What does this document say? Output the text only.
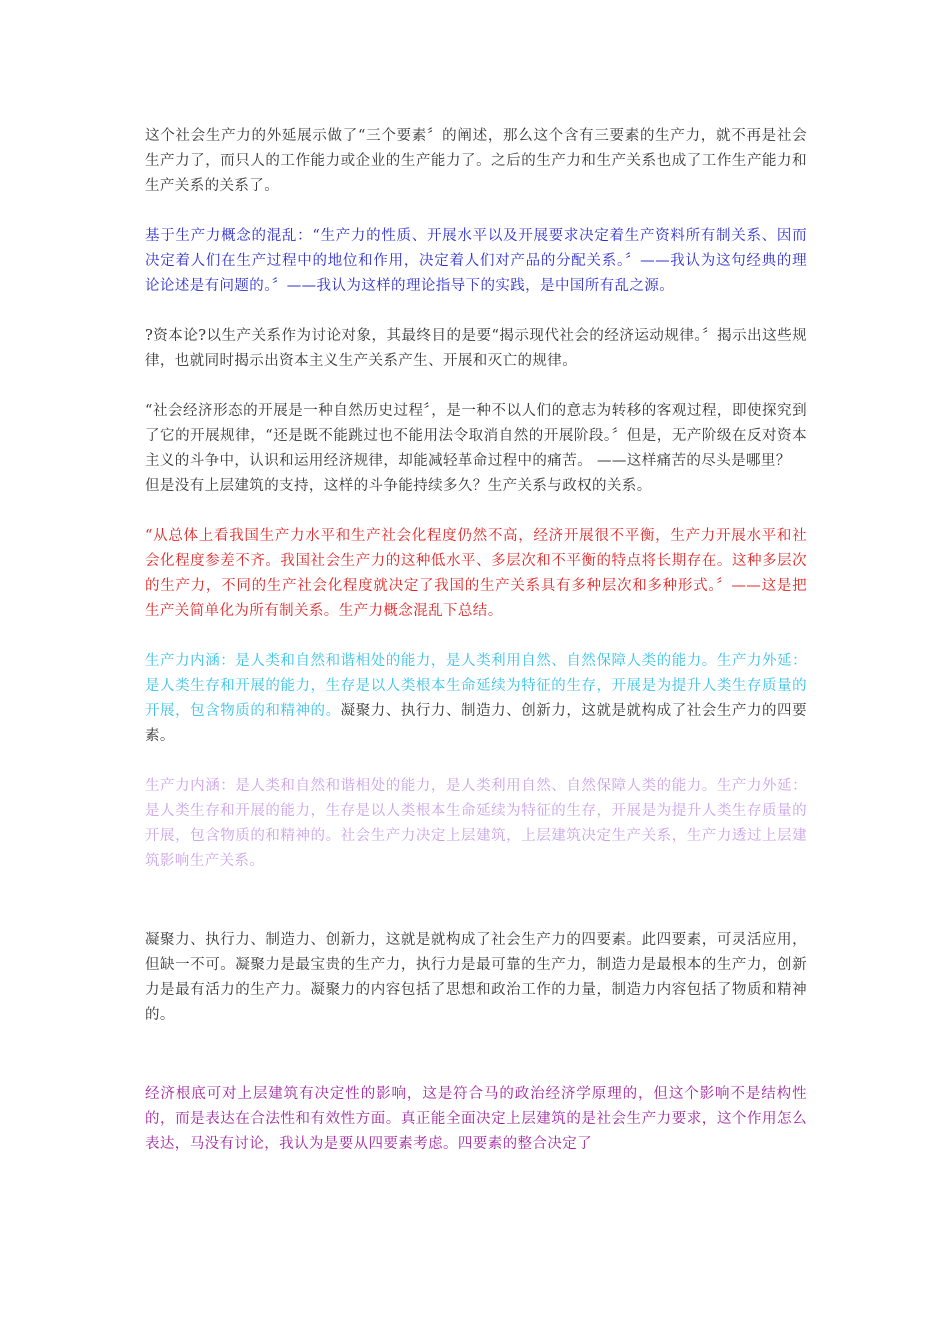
这个社会生产力的外延展示做了“三个要素〞的阐述，那么这个含有三要素的生产力，就不再是社会生产力了，而只人的工作能力或企业的生产能力了。之后的生产力和生产关系也成了工作生产能力和生产关系的关系了。

基于生产力概念的混乱：“生产力的性质、开展水平以及开展要求决定着生产资料所有制关系、因而决定着人们在生产过程中的地位和作用，决定着人们对产品的分配关系。〞——我认为这句经典的理论论述是有问题的。〞——我认为这样的理论指导下的实践，是中国所有乱之源。

?资本论?以生产关系作为讨论对象，其最终目的是要“揭示现代社会的经济运动规律。〞揭示出这些规律，也就同时揭示出资本主义生产关系产生、开展和灭亡的规律。

“社会经济形态的开展是一种自然历史过程〞，是一种不以人们的意志为转移的客观过程，即使探究到了它的开展规律，“还是既不能跳过也不能用法令取消自然的开展阶段。〞但是，无产阶级在反对资本主义的斗争中，认识和运用经济规律，却能减轻革命过程中的痛苦。 ——这样痛苦的尽头是哪里？
但是没有上层建筑的支持，这样的斗争能持续多久？生产关系与政权的关系。

“从总体上看我国生产力水平和生产社会化程度仍然不高，经济开展很不平衡，生产力开展水平和社会化程度参差不齐。我国社会生产力的这种低水平、多层次和不平衡的特点将长期存在。这种多层次的生产力，不同的生产社会化程度就决定了我国的生产关系具有多种层次和多种形式。〞——这是把生产关简单化为所有制关系。生产力概念混乱下总结。

生产力内涵：是人类和自然和谐相处的能力，是人类利用自然、自然保障人类的能力。生产力外延：是人类生存和开展的能力，生存是以人类根本生命延续为特征的生存，开展是为提升人类生存质量的开展，包含物质的和精神的。凝聚力、执行力、制造力、创新力，这就是就构成了社会生产力的四要素。

生产力内涵：是人类和自然和谐相处的能力，是人类利用自然、自然保障人类的能力。生产力外延：是人类生存和开展的能力，生存是以人类根本生命延续为特征的生存，开展是为提升人类生存质量的开展，包含物质的和精神的。社会生产力决定上层建筑，上层建筑决定生产关系，生产力透过上层建筑影响生产关系。

凝聚力、执行力、制造力、创新力，这就是就构成了社会生产力的四要素。此四要素，可灵活应用，但缺一不可。凝聚力是最宝贵的生产力，执行力是最可靠的生产力，制造力是最根本的生产力，创新力是最有活力的生产力。凝聚力的内容包括了思想和政治工作的力量，制造力内容包括了物质和精神的。

经济根底可对上层建筑有决定性的影响，这是符合马的政治经济学原理的，但这个影响不是结构性的，而是表达在合法性和有效性方面。真正能全面决定上层建筑的是社会生产力要求，这个作用怎么表达，马没有讨论，我认为是要从四要素考虑。四要素的整合决定了
